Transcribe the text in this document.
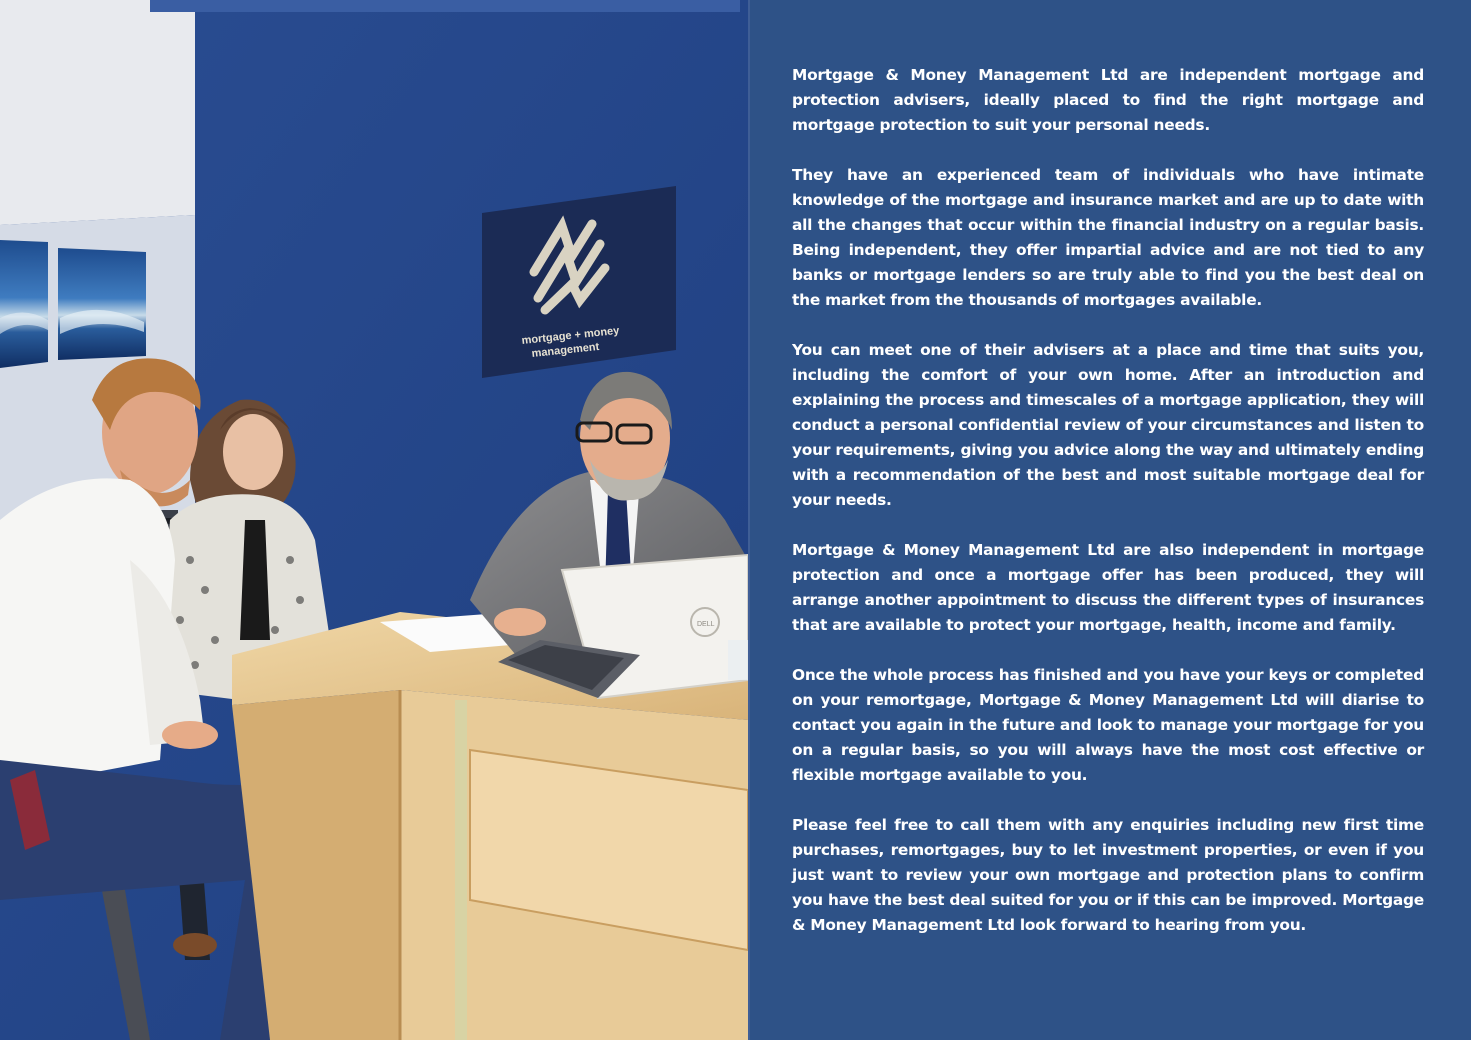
mortgage + money
management
DELL

Mortgage & Money Management Ltd are independent mortgage and protection advisers, ideally placed to find the right mortgage and mortgage protection to suit your personal needs.

They have an experienced team of individuals who have intimate knowledge of the mortgage and insurance market and are up to date with all the changes that occur within the financial industry on a regular basis. Being independent, they offer impartial advice and are not tied to any banks or mortgage lenders so are truly able to find you the best deal on the market from the thousands of mortgages available.

You can meet one of their advisers at a place and time that suits you, including the comfort of your own home. After an introduction and explaining the process and timescales of a mortgage application, they will conduct a personal confidential review of your circumstances and listen to your requirements, giving you advice along the way and ultimately ending with a recommendation of the best and most suitable mortgage deal for your needs.

Mortgage & Money Management Ltd are also independent in mortgage protection and once a mortgage offer has been produced, they will arrange another appointment to discuss the different types of insurances that are available to protect your mortgage, health, income and family.

Once the whole process has finished and you have your keys or completed on your remortgage, Mortgage & Money Management Ltd will diarise to contact you again in the future and look to manage your mortgage for you on a regular basis, so you will always have the most cost effective or flexible mortgage available to you.

Please feel free to call them with any enquiries including new first time purchases, remortgages, buy to let investment properties, or even if you just want to review your own mortgage and protection plans to confirm you have the best deal suited for you or if this can be improved. Mortgage & Money Management Ltd look forward to hearing from you.
